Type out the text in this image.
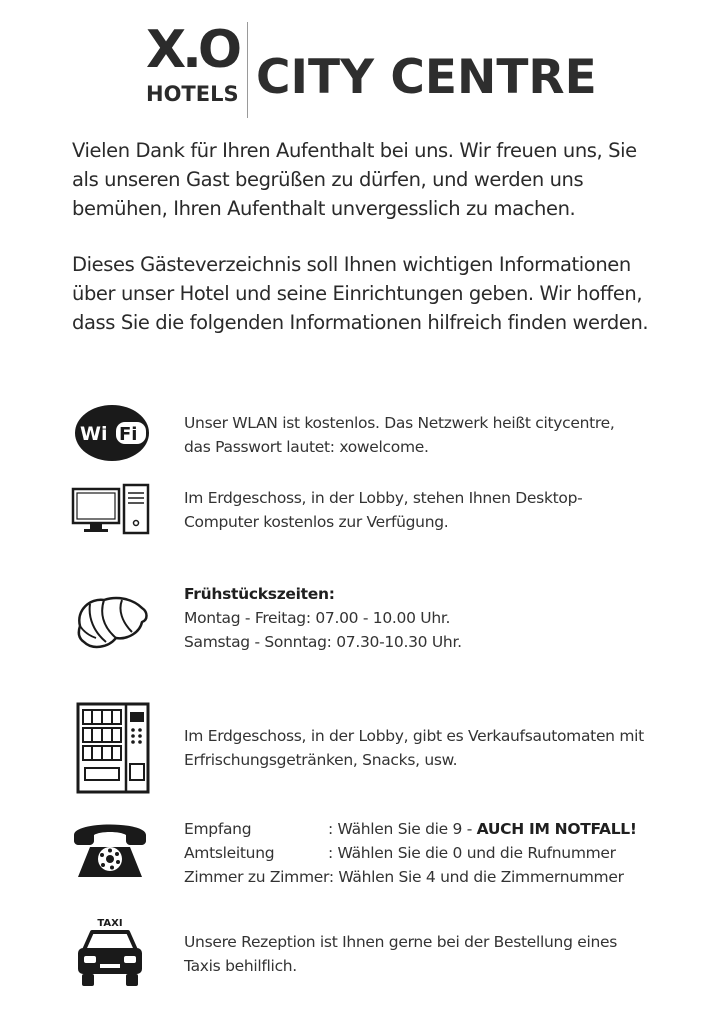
X.O
HOTELS CITY CENTRE

Vielen Dank für Ihren Aufenthalt bei uns. Wir freuen uns, Sie
als unseren Gast begrüßen zu dürfen, und werden uns
bemühen, Ihren Aufenthalt unvergesslich zu machen.

Dieses Gästeverzeichnis soll Ihnen wichtigen Informationen
über unser Hotel und seine Einrichtungen geben. Wir hoffen,
dass Sie die folgenden Informationen hilfreich finden werden.

Wi Fi

Unser WLAN ist kostenlos. Das Netzwerk heißt citycentre,

das Passwort lautet: xowelcome.

Im Erdgeschoss, in der Lobby, stehen Ihnen Desktop-

Computer kostenlos zur Verfügung.

Frühstückszeiten:

Montag - Freitag: 07.00 - 10.00 Uhr.

Samstag - Sonntag: 07.30-10.30 Uhr.

Im Erdgeschoss, in der Lobby, gibt es Verkaufsautomaten mit

Erfrischungsgetränken, Snacks, usw.

Empfang	: Wählen Sie die 9 - AUCH IM NOTFALL!
Amtsleitung	: Wählen Sie die 0 und die Rufnummer

Zimmer zu Zimmer: Wählen Sie 4 und die Zimmernummer

TAXI

Unsere Rezeption ist Ihnen gerne bei der Bestellung eines

Taxis behilflich.
